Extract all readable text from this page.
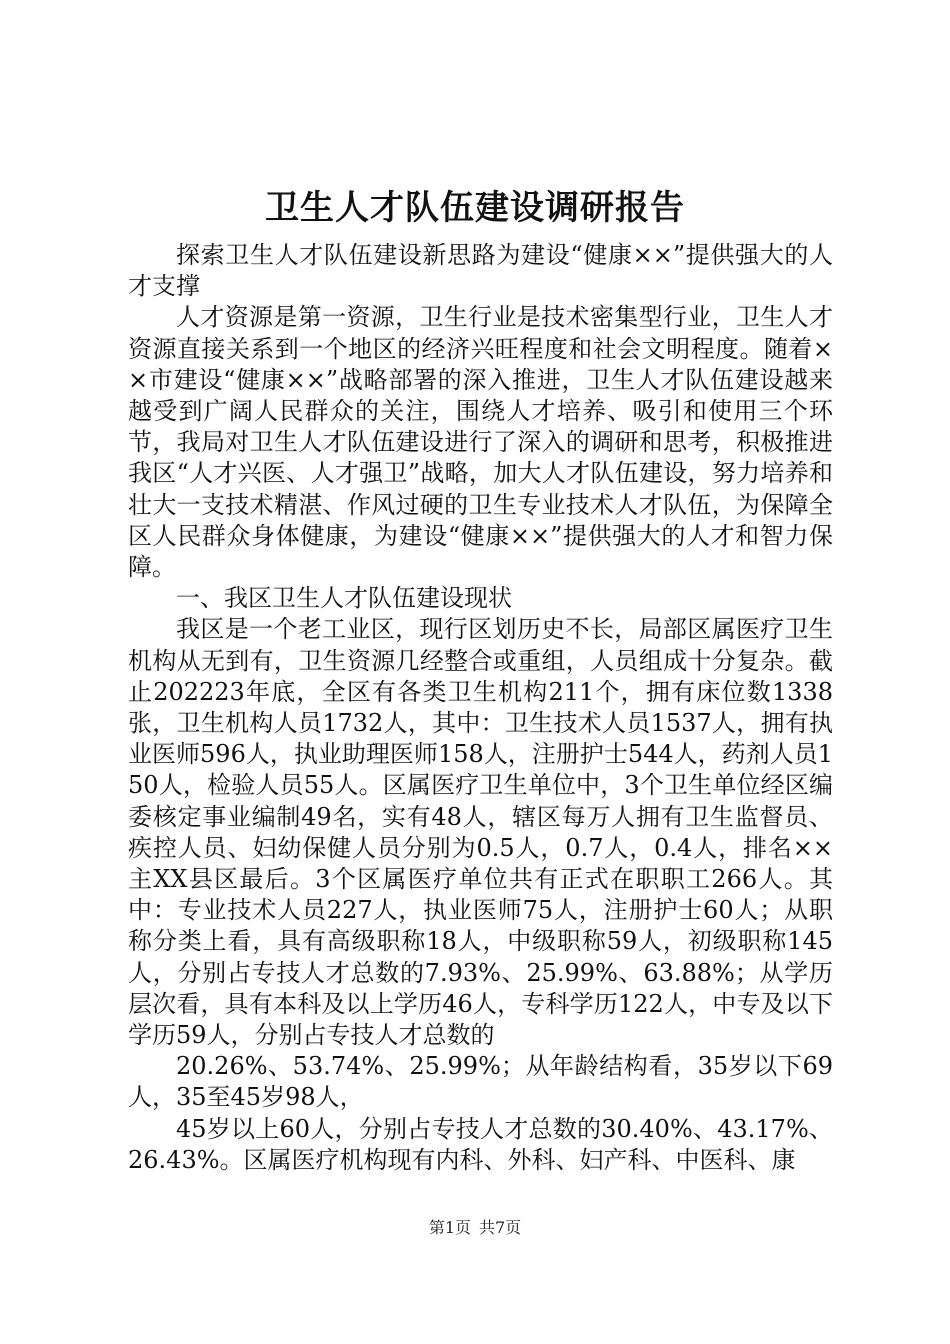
卫生人才队伍建设调研报告

探索卫生人才队伍建设新思路为建设“健康××”提供强大的人才支撑

人才资源是第一资源，卫生行业是技术密集型行业，卫生人才资源直接关系到一个地区的经济兴旺程度和社会文明程度。随着××市建设“健康××”战略部署的深入推进，卫生人才队伍建设越来越受到广阔人民群众的关注，围绕人才培养、吸引和使用三个环节，我局对卫生人才队伍建设进行了深入的调研和思考，积极推进我区“人才兴医、人才强卫”战略，加大人才队伍建设，努力培养和壮大一支技术精湛、作风过硬的卫生专业技术人才队伍，为保障全区人民群众身体健康，为建设“健康××”提供强大的人才和智力保障。

一、我区卫生人才队伍建设现状

我区是一个老工业区，现行区划历史不长，局部区属医疗卫生机构从无到有，卫生资源几经整合或重组，人员组成十分复杂。截止202223年底，全区有各类卫生机构211个，拥有床位数1338张，卫生机构人员1732人，其中：卫生技术人员1537人，拥有执业医师596人，执业助理医师158人，注册护士544人，药剂人员150人，检验人员55人。区属医疗卫生单位中，3个卫生单位经区编委核定事业编制49名，实有48人，辖区每万人拥有卫生监督员、疾控人员、妇幼保健人员分别为0.5人，0.7人，0.4人，排名××主XX县区最后。3个区属医疗单位共有正式在职职工266人。其中：专业技术人员227人，执业医师75人，注册护士60人；从职称分类上看，具有高级职称18人，中级职称59人，初级职称145人，分别占专技人才总数的7.93%、25.99%、63.88%；从学历层次看，具有本科及以上学历46人，专科学历122人，中专及以下学历59人，分别占专技人才总数的

20.26%、53.74%、25.99%；从年龄结构看，35岁以下69人，35至45岁98人，

45岁以上60人，分别占专技人才总数的30.40%、43.17%、26.43%。区属医疗机构现有内科、外科、妇产科、中医科、康

第1页 共7页
